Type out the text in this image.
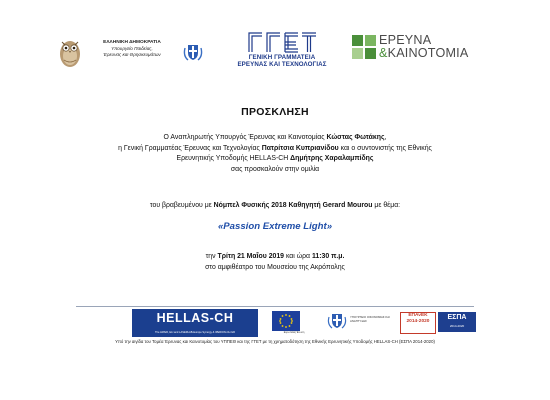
ΕΛΛΗΝΙΚΗ ΔΗΜΟΚΡΑΤΙΑ
Υπουργείο Παιδείας,
Έρευνας και Θρησκευμάτων	ΓΕΝΙΚΗ ΓΡΑΜΜΑΤΕΙΑ
ΕΡΕΥΝΑΣ ΚΑΙ ΤΕΧΝΟΛΟΓΙΑΣ
ΕΡΕΥΝΑ
&ΚΑΙΝΟΤΟΜΙΑ
ΠΡΟΣΚΛΗΣΗ
Ο Αναπληρωτής Υπουργός Έρευνας και Καινοτομίας Κώστας Φωτάκης,
η Γενική Γραμματέας Έρευνας και Τεχνολογίας Πατρίτσια Κυπριανίδου και ο συντονιστής της Εθνικής
Ερευνητικής Υποδομής HELLAS-CH Δημήτρης Χαραλαμπίδης
σας προσκαλούν στην ομιλία
του βραβευμένου με Νόμπελ Φυσικής 2018 Καθηγητή Gerard Mourou με θέμα:
«Passion Extreme Light»
την Τρίτη 21 Μαΐου 2019 και ώρα 11:30 π.μ.
στο αμφιθέατρο του Μουσείου της Ακρόπολης
HELLAS-CH
The HiPER, ELI and LASERLAB-Europe Synergy & IPERION-CH.GR	Ευρωπαϊκή Ένωση
ΥΠΟΥΡΓΕΙΟ ΟΙΚΟΝΟΜΙΑΣ ΚΑΙ ΑΝΑΠΤΥΞΗΣ
ΕΠΑνΕΚ
2014-2020
ΕΣΠΑ
2014-2020
Υπό την αιγίδα του Τομέα Έρευνας και Καινοτομίας του ΥΠΠΕΘ και της ΓΓΕΤ με τη χρηματοδότηση της Εθνικής Ερευνητικής Υποδομής HELLAS-CH (ΕΣΠΑ 2014-2020)
